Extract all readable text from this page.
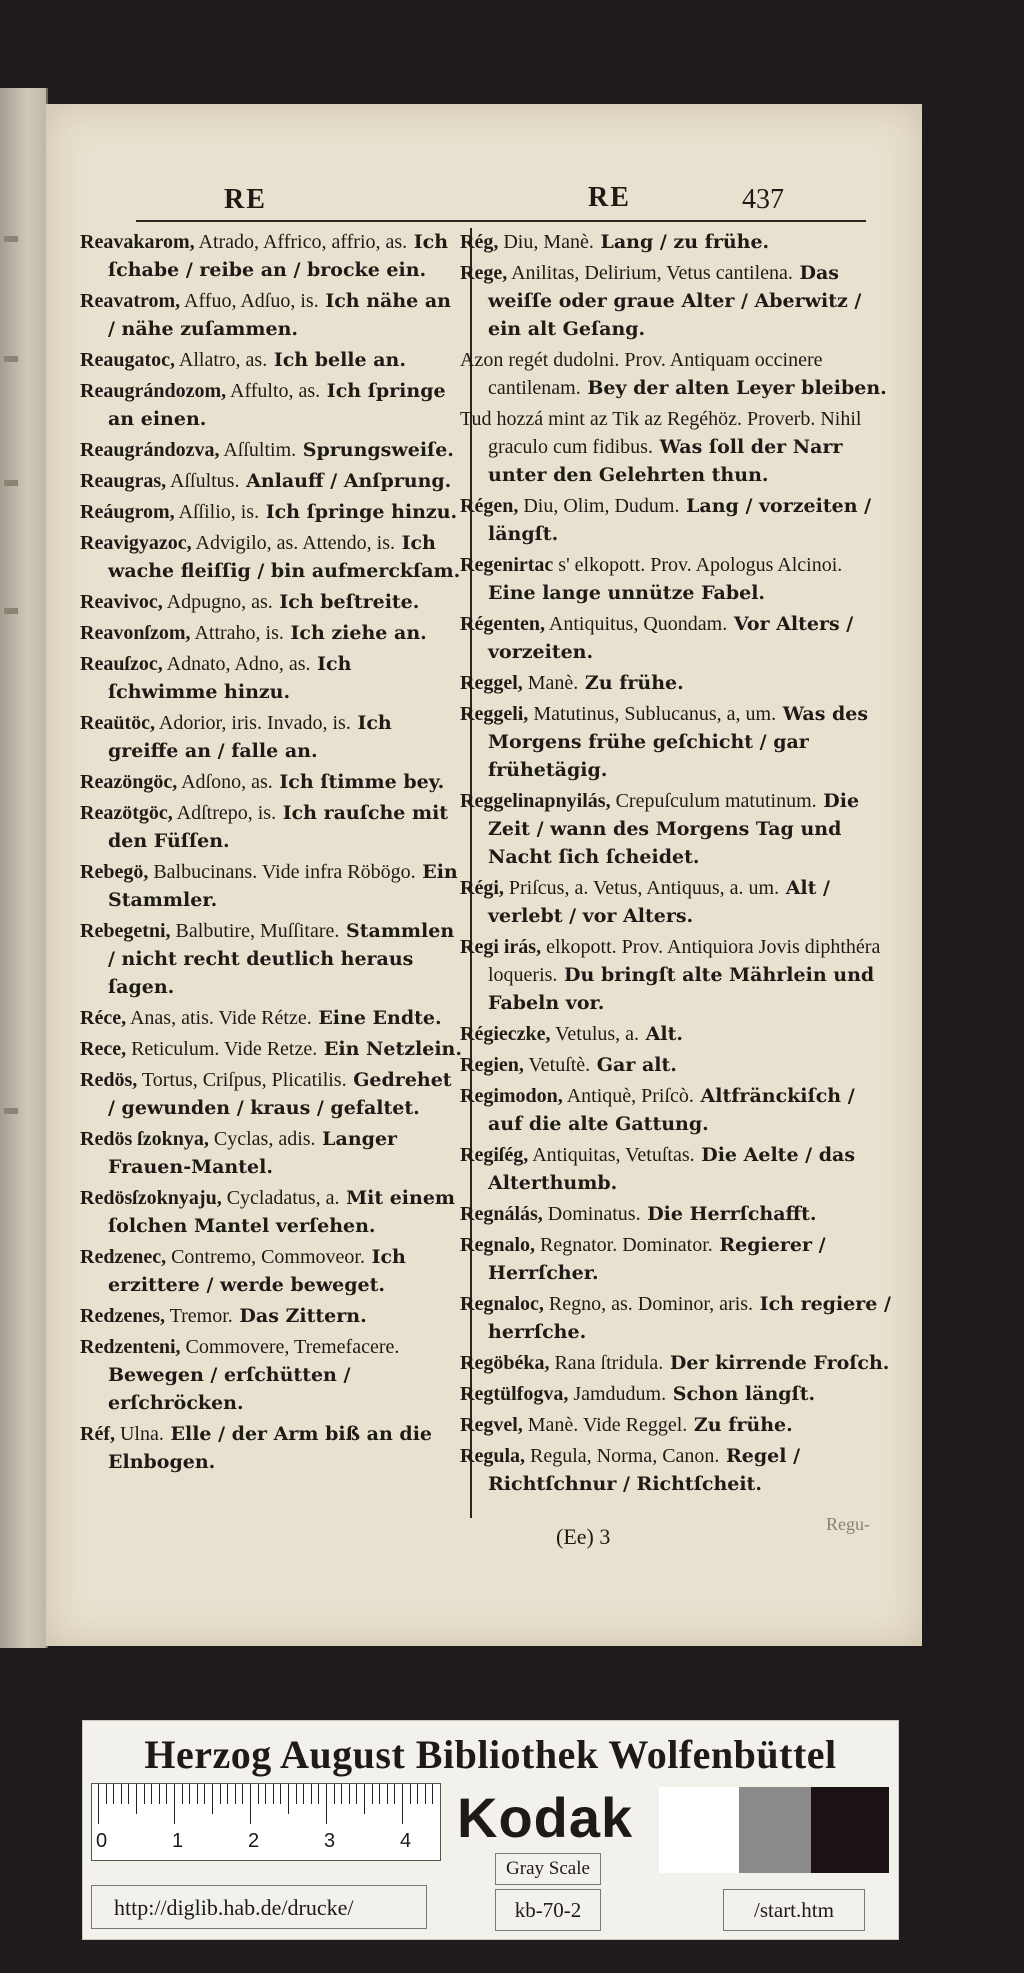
RE	RE	437
Reavakarom, Atrado, Affrico, affrio, as. Ich ſchabe / reibe an / brocke ein.
Reavatrom, Affuo, Adſuo, is. Ich nähe an / nähe zuſammen.
Reaugatoc, Allatro, as. Ich belle an.
Reaugrándozom, Affulto, as. Ich ſpringe an einen.
Reaugrándozva, Aſſultim. Sprungsweiſe.
Reaugras, Aſſultus. Anlauff / Anſprung.
Reáugrom, Aſſilio, is. Ich ſpringe hinzu.
Reavigyazoc, Advigilo, as. Attendo, is. Ich wache fleiſſig / bin aufmerckſam.
Reavivoc, Adpugno, as. Ich beſtreite.
Reavonſzom, Attraho, is. Ich ziehe an.
Reauſzoc, Adnato, Adno, as. Ich ſchwimme hinzu.
Reaütöc, Adorior, iris. Invado, is. Ich greiffe an / falle an.
Reazöngöc, Adſono, as. Ich ſtimme bey.
Reazötgöc, Adſtrepo, is. Ich rauſche mit den Füſſen.
Rebegö, Balbucinans. Vide infra Röbögo. Ein Stammler.
Rebegetni, Balbutire, Muſſitare. Stammlen / nicht recht deutlich heraus ſagen.
Réce, Anas, atis. Vide Rétze. Eine Endte.
Rece, Reticulum. Vide Retze. Ein Netzlein.
Redös, Tortus, Criſpus, Plicatilis. Gedrehet / gewunden / kraus / gefaltet.
Redös ſzoknya, Cyclas, adis. Langer Frauen-Mantel.
Redösſzoknyaju, Cycladatus, a. Mit einem ſolchen Mantel verſehen.
Redzenec, Contremo, Commoveor. Ich erzittere / werde beweget.
Redzenes, Tremor. Das Zittern.
Redzenteni, Commovere, Tremefacere. Bewegen / erſchütten / erſchröcken.
Réf, Ulna. Elle / der Arm biß an die Elnbogen.
Rég, Diu, Manè. Lang / zu frühe.
Rege, Anilitas, Delirium, Vetus cantilena. Das weiſſe oder graue Alter / Aberwitz / ein alt Geſang.
Azon regét dudolni. Prov. Antiquam occinere cantilenam. Bey der alten Leyer bleiben.
Tud hozzá mint az Tik az Regéhöz. Proverb. Nihil graculo cum fidibus. Was ſoll der Narr unter den Gelehrten thun.
Régen, Diu, Olim, Dudum. Lang / vorzeiten / längſt.
Regenirtac s' elkopott. Prov. Apologus Alcinoi. Eine lange unnütze Fabel.
Régenten, Antiquitus, Quondam. Vor Alters / vorzeiten.
Reggel, Manè. Zu frühe.
Reggeli, Matutinus, Sublucanus, a, um. Was des Morgens frühe geſchicht / gar frühetägig.
Reggelinapnyilás, Crepuſculum matutinum. Die Zeit / wann des Morgens Tag und Nacht ſich ſcheidet.
Régi, Priſcus, a. Vetus, Antiquus, a. um. Alt / verlebt / vor Alters.
Regi irás, elkopott. Prov. Antiquiora Jovis diphthéra loqueris. Du bringſt alte Mährlein und Fabeln vor.
Régieczke, Vetulus, a. Alt.
Regien, Vetuſtè. Gar alt.
Regimodon, Antiquè, Priſcò. Altfränckiſch / auf die alte Gattung.
Regiſég, Antiquitas, Vetuſtas. Die Aelte / das Alterthumb.
Regnálás, Dominatus. Die Herrſchafft.
Regnalo, Regnator. Dominator. Regierer / Herrſcher.
Regnaloc, Regno, as. Dominor, aris. Ich regiere / herrſche.
Regöbéka, Rana ſtridula. Der kirrende Froſch.
Regtülfogva, Jamdudum. Schon längſt.
Regvel, Manè. Vide Reggel. Zu frühe.
Regula, Regula, Norma, Canon. Regel / Richtſchnur / Richtſcheit.
(Ee) 3	Regu-
Herzog August Bibliothek Wolfenbüttel
0	1	2	3	4 Kodak
Gray Scale
http://diglib.hab.de/drucke/	kb-70-2	/start.htm
